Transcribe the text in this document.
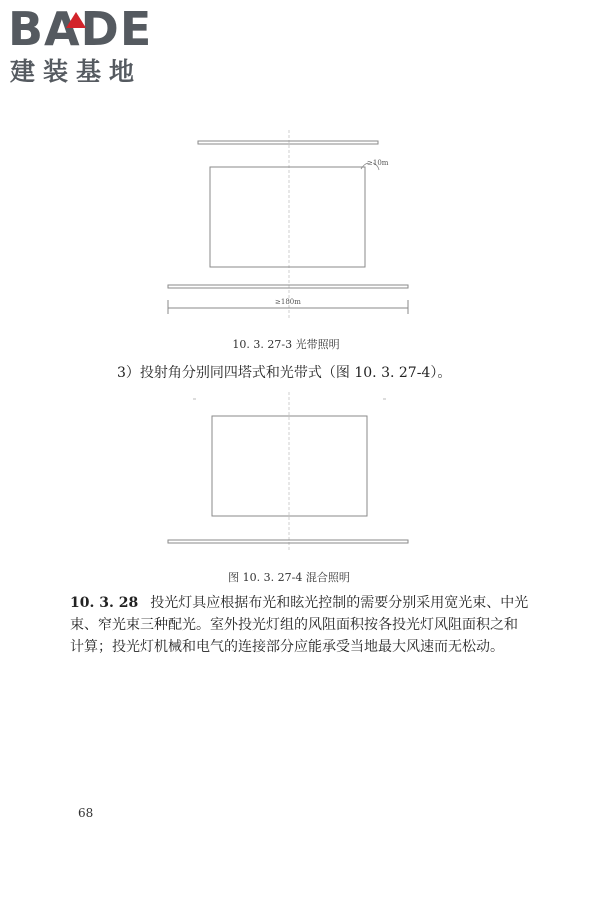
BADE
建装基地
≥10m
≥180m
10. 3. 27-3 光带照明
3）投射角分别同四塔式和光带式（图 10. 3. 27-4）。
图 10. 3. 27-4 混合照明
10. 3. 28 投光灯具应根据布光和眩光控制的需要分别采用宽光束、中光束、窄光束三种配光。室外投光灯组的风阻面积按各投光灯风阻面积之和计算；投光灯机械和电气的连接部分应能承受当地最大风速而无松动。
68
